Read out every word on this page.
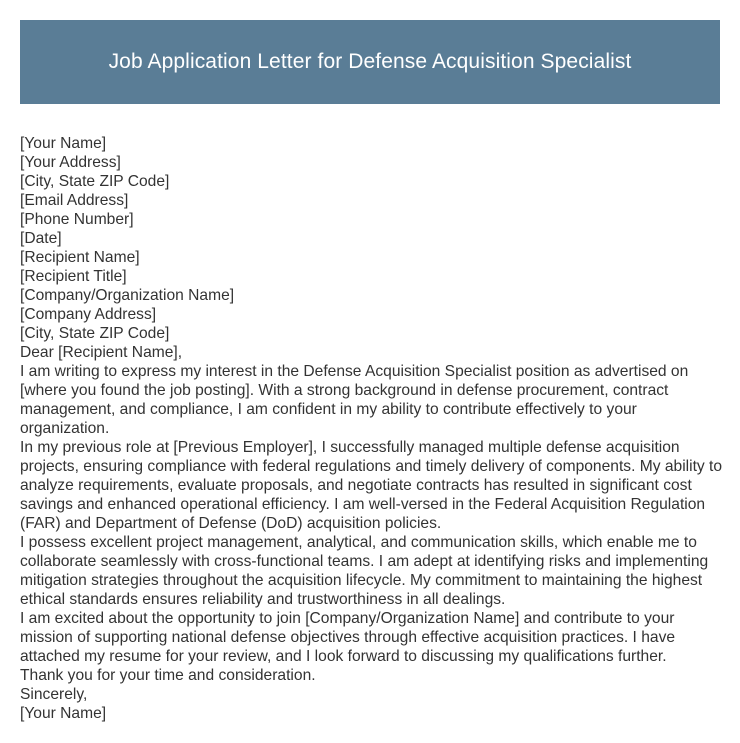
Job Application Letter for Defense Acquisition Specialist
[Your Name]
[Your Address]
[City, State ZIP Code]
[Email Address]
[Phone Number]
[Date]
[Recipient Name]
[Recipient Title]
[Company/Organization Name]
[Company Address]
[City, State ZIP Code]
Dear [Recipient Name],

I am writing to express my interest in the Defense Acquisition Specialist position as advertised on [where you found the job posting]. With a strong background in defense procurement, contract management, and compliance, I am confident in my ability to contribute effectively to your organization.

In my previous role at [Previous Employer], I successfully managed multiple defense acquisition projects, ensuring compliance with federal regulations and timely delivery of components. My ability to analyze requirements, evaluate proposals, and negotiate contracts has resulted in significant cost savings and enhanced operational efficiency. I am well-versed in the Federal Acquisition Regulation (FAR) and Department of Defense (DoD) acquisition policies.

I possess excellent project management, analytical, and communication skills, which enable me to collaborate seamlessly with cross-functional teams. I am adept at identifying risks and implementing mitigation strategies throughout the acquisition lifecycle. My commitment to maintaining the highest ethical standards ensures reliability and trustworthiness in all dealings.

I am excited about the opportunity to join [Company/Organization Name] and contribute to your mission of supporting national defense objectives through effective acquisition practices. I have attached my resume for your review, and I look forward to discussing my qualifications further.

Thank you for your time and consideration.

Sincerely,
[Your Name]
